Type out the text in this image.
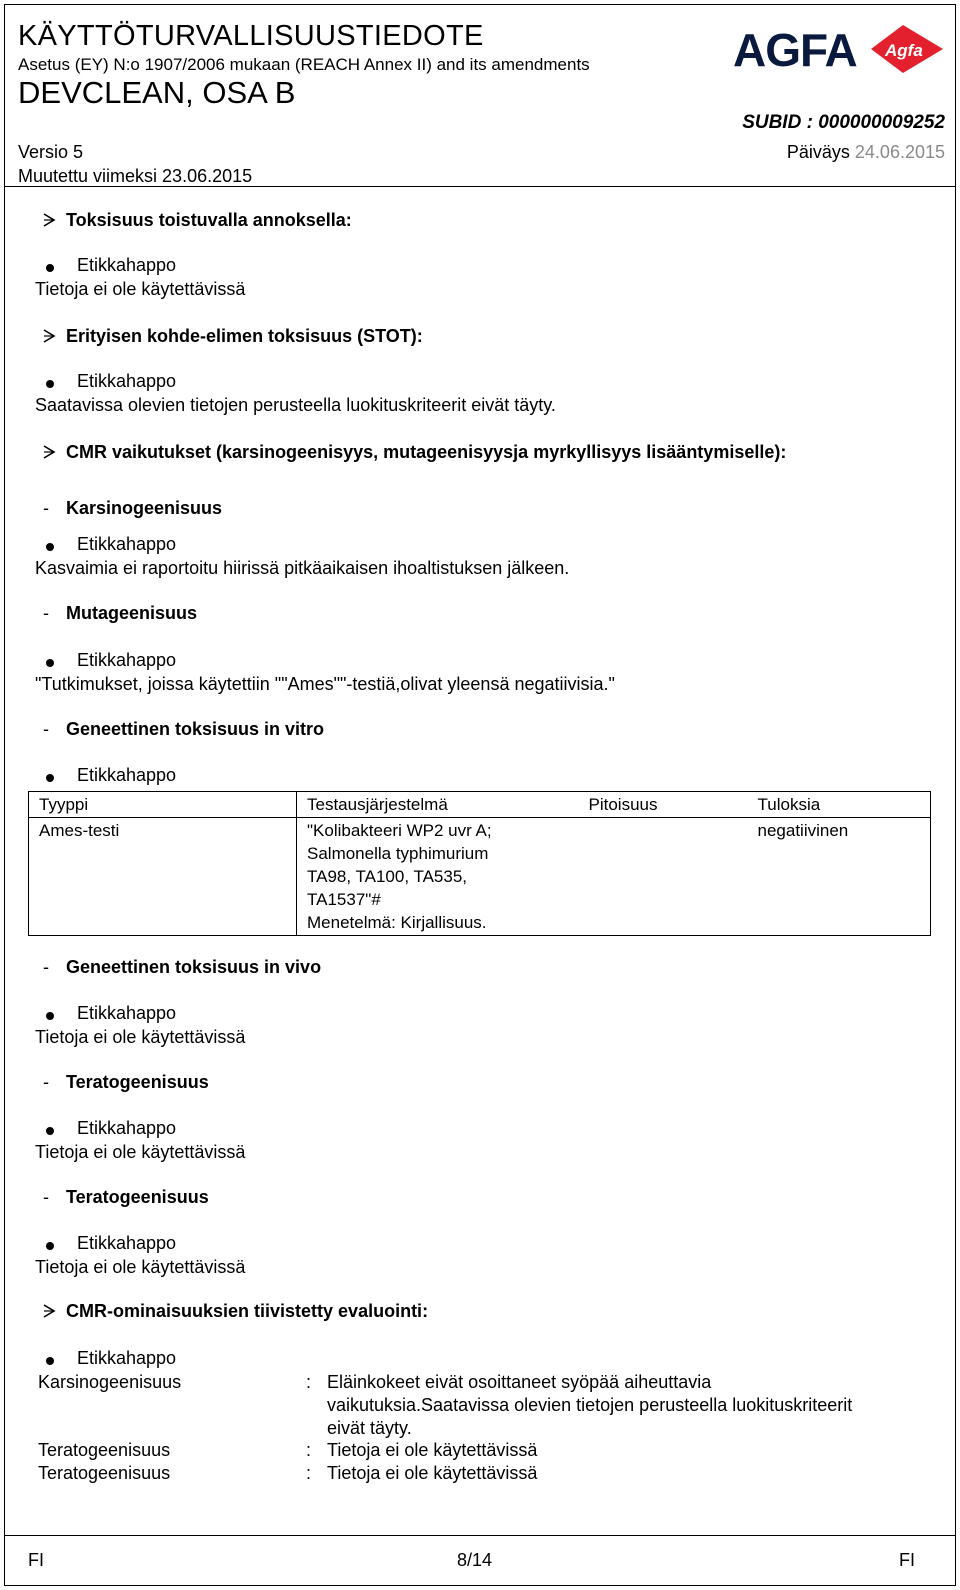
KÄYTTÖTURVALLISUUSTIEDOTE
Asetus (EY) N:o 1907/2006 mukaan (REACH Annex II) and its amendments
DEVCLEAN, OSA B
Versio 5
Muutettu viimeksi 23.06.2015
SUBID : 000000009252
Päiväys 24.06.2015
AGFA Agfa
Toksisuus toistuvalla annoksella:
Etikkahappo
Tietoja ei ole käytettävissä
Erityisen kohde-elimen toksisuus (STOT):
Etikkahappo
Saatavissa olevien tietojen perusteella luokituskriteerit eivät täyty.
CMR vaikutukset (karsinogeenisyys, mutageenisyysja myrkyllisyys lisääntymiselle):
- Karsinogeenisuus
Etikkahappo
Kasvaimia ei raportoitu hiirissä pitkäaikaisen ihoaltistuksen jälkeen.
- Mutageenisuus
Etikkahappo
"Tutkimukset, joissa käytettiin ""Ames""-testiä,olivat yleensä negatiivisia."
- Geneettinen toksisuus in vitro
Etikkahappo
Tyyppi	Testausjärjestelmä	Pitoisuus	Tuloksia
Ames-testi	"Kolibakteeri WP2 uvr A;
Salmonella typhimurium
TA98, TA100, TA535,
TA1537"#
Menetelmä: Kirjallisuus.		negatiivinen
- Geneettinen toksisuus in vivo
Etikkahappo
Tietoja ei ole käytettävissä
- Teratogeenisuus
Etikkahappo
Tietoja ei ole käytettävissä
- Teratogeenisuus
Etikkahappo
Tietoja ei ole käytettävissä
CMR-ominaisuuksien tiivistetty evaluointi:
Etikkahappo
Karsinogeenisuus	: Eläinkokeet eivät osoittaneet syöpää aiheuttavia
vaikutuksia.Saatavissa olevien tietojen perusteella luokituskriteerit
eivät täyty.
Teratogeenisuus	: Tietoja ei ole käytettävissä
Teratogeenisuus	: Tietoja ei ole käytettävissä
FI	8/14	FI
